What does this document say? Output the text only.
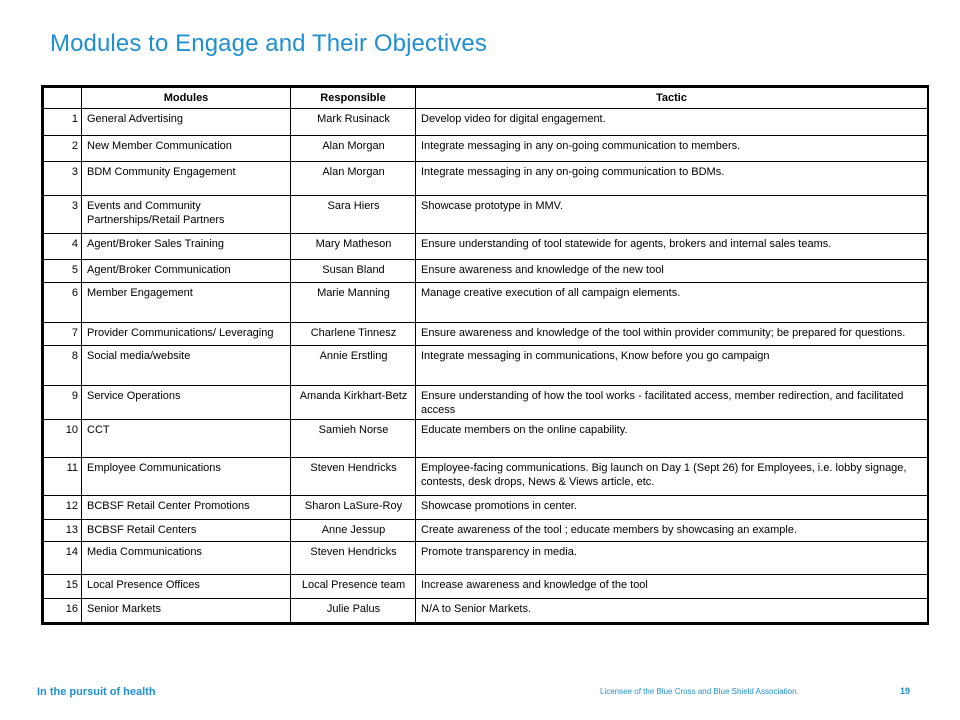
Modules to Engage and Their Objectives
	Modules	Responsible	Tactic
1	General Advertising	Mark Rusinack	Develop video for digital engagement.
2	New Member Communication	Alan Morgan	Integrate messaging in any on-going communication to members.
3	BDM Community Engagement	Alan Morgan	Integrate messaging in any on-going communication to BDMs.
3	Events and Community Partnerships/Retail Partners	Sara Hiers	Showcase prototype in MMV.
4	Agent/Broker Sales Training	Mary Matheson	Ensure understanding of tool statewide for agents, brokers and internal sales teams.
5	Agent/Broker Communication	Susan Bland	Ensure awareness and knowledge of the new tool
6	Member Engagement	Marie Manning	Manage creative execution of all campaign elements.
7	Provider Communications/ Leveraging	Charlene Tinnesz	Ensure awareness and knowledge of the tool within provider community; be prepared for questions.
8	Social media/website	Annie Erstling	Integrate messaging in communications, Know before you go campaign
9	Service Operations	Amanda Kirkhart-Betz	Ensure understanding of how the tool works - facilitated access, member redirection, and facilitated access
10	CCT	Samieh Norse	Educate members on the online capability.
11	Employee Communications	Steven Hendricks	Employee-facing communications. Big launch on Day 1 (Sept 26) for Employees, i.e. lobby signage, contests, desk drops, News & Views article, etc.
12	BCBSF Retail Center Promotions	Sharon LaSure-Roy	Showcase promotions in center.
13	BCBSF Retail Centers	Anne Jessup	Create awareness of the tool ; educate members by showcasing an example.
14	Media Communications	Steven Hendricks	Promote transparency in media.
15	Local Presence Offices	Local Presence team	Increase awareness and knowledge of the tool
16	Senior Markets	Julie Palus	N/A to Senior Markets.
In the pursuit of health	Licensee of the Blue Cross and Blue Shield Association.	19
